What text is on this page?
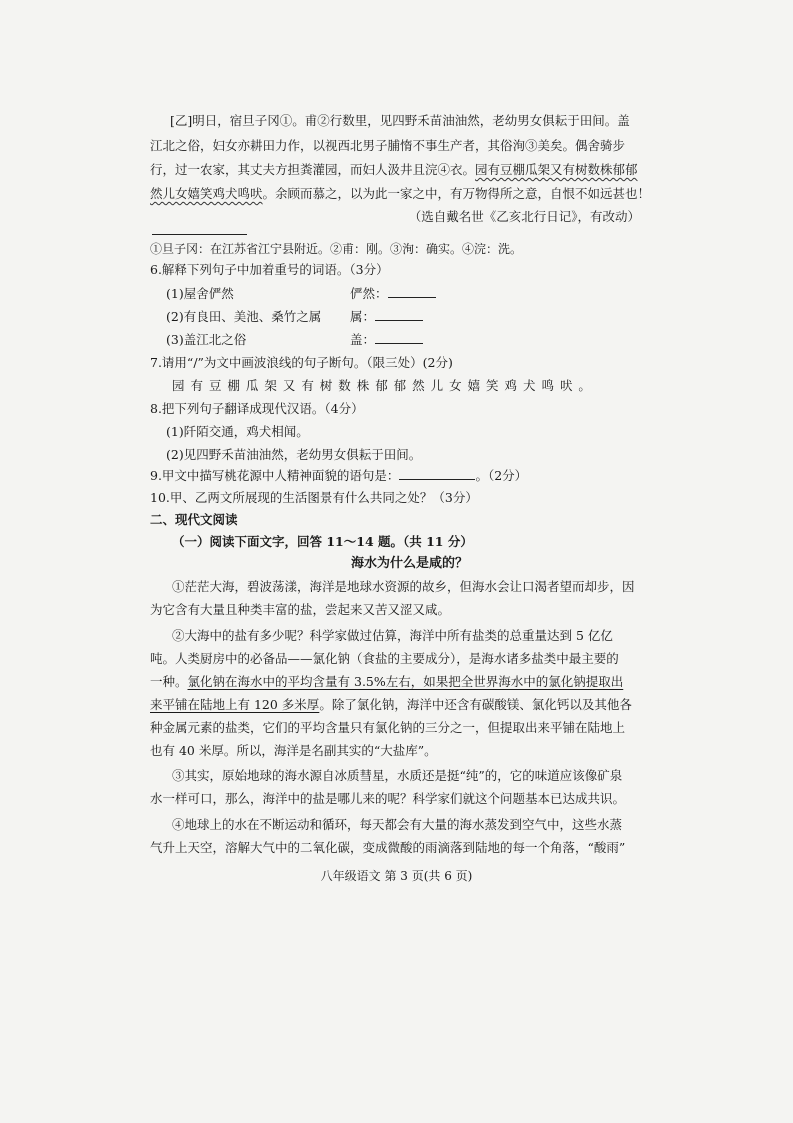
[乙]明日，宿旦子冈①。甫②行数里，见四野禾苗油油然，老幼男女俱耘于田间。盖
江北之俗，妇女亦耕田力作，以视西北男子脯惰不事生产者，其俗洵③美矣。偶舍骑步
行，过一农家，其丈夫方担粪灌园，而妇人汲井且浣④衣。园有豆棚瓜架又有树数株郁郁
然儿女嬉笑鸡犬鸣吠。余顾而慕之，以为此一家之中，有万物得所之意，自恨不如远甚也！
（选自戴名世《乙亥北行日记》，有改动）
①旦子冈：在江苏省江宁县附近。②甫：刚。③洵：确实。④浣：洗。
6.解释下列句子中加着重号的词语。（3分）
(1)屋舍俨然	俨然：
(2)有良田、美池、桑竹之属 属：
(3)盖江北之俗	盖：
7.请用“/”为文中画波浪线的句子断句。（限三处）(2分)
园 有 豆 棚 瓜 架 又 有 树 数 株 郁 郁 然 儿 女 嬉 笑 鸡 犬 鸣 吠 。
8.把下列句子翻译成现代汉语。（4分）
(1)阡陌交通，鸡犬相闻。
(2)见四野禾苗油油然，老幼男女俱耘于田间。
9.甲文中描写桃花源中人精神面貌的语句是：	。（2分）
10.甲、乙两文所展现的生活图景有什么共同之处？（3分）
二、现代文阅读
（一）阅读下面文字，回答 11～14 题。（共 11 分）
海水为什么是咸的？
①茫茫大海，碧波荡漾，海洋是地球水资源的故乡，但海水会让口渴者望而却步，因
为它含有大量且种类丰富的盐，尝起来又苦又涩又咸。
②大海中的盐有多少呢？科学家做过估算，海洋中所有盐类的总重量达到 5 亿亿
吨。人类厨房中的必备品——氯化钠（食盐的主要成分），是海水诸多盐类中最主要的
一种。氯化钠在海水中的平均含量有 3.5%左右，如果把全世界海水中的氯化钠提取出
来平铺在陆地上有 120 多米厚。除了氯化钠，海洋中还含有碳酸镁、氯化钙以及其他各
种金属元素的盐类，它们的平均含量只有氯化钠的三分之一，但提取出来平铺在陆地上
也有 40 米厚。所以，海洋是名副其实的“大盐库”。
③其实，原始地球的海水源自冰质彗星，水质还是挺“纯”的，它的味道应该像矿泉
水一样可口，那么，海洋中的盐是哪儿来的呢？科学家们就这个问题基本已达成共识。
④地球上的水在不断运动和循环，每天都会有大量的海水蒸发到空气中，这些水蒸
气升上天空，溶解大气中的二氧化碳，变成微酸的雨滴落到陆地的每一个角落，“酸雨”
八年级语文 第 3 页(共 6 页)
